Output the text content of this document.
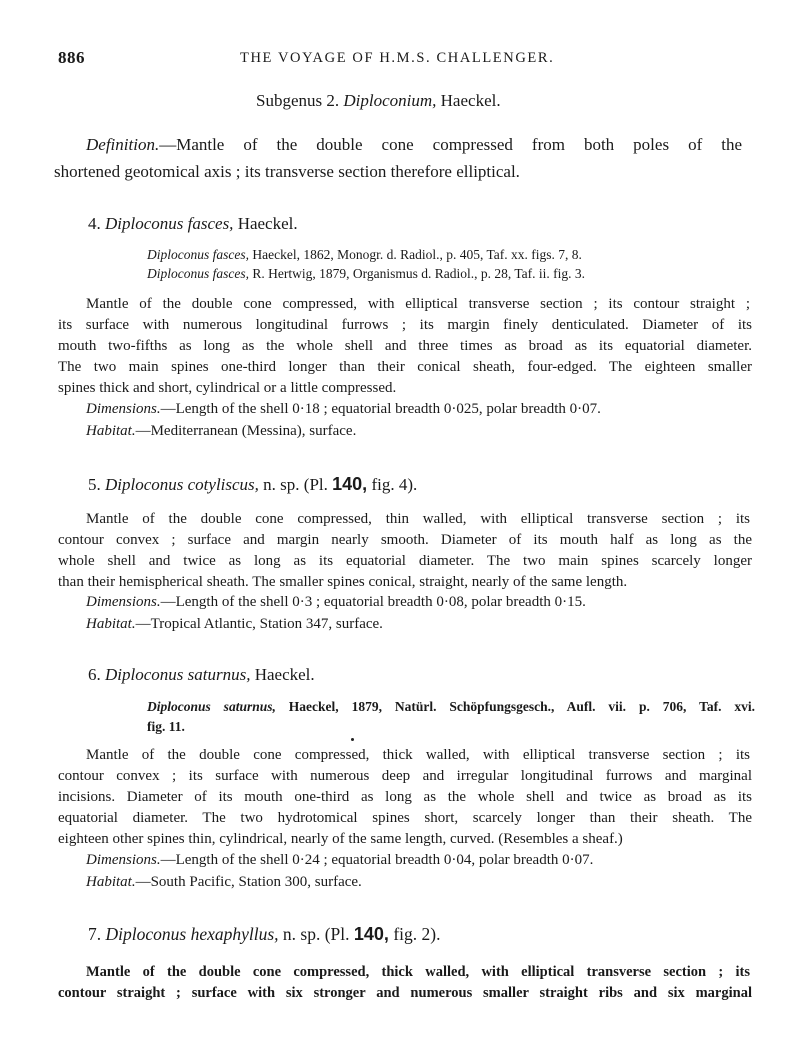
886	THE VOYAGE OF H.M.S. CHALLENGER.
Subgenus 2. Diploconium, Haeckel.
Definition.—Mantle of the double cone compressed from both poles of the
shortened geotomical axis ; its transverse section therefore elliptical.
4. Diploconus fasces, Haeckel.
Diploconus fasces, Haeckel, 1862, Monogr. d. Radiol., p. 405, Taf. xx. figs. 7, 8.
Diploconus fasces, R. Hertwig, 1879, Organismus d. Radiol., p. 28, Taf. ii. fig. 3.
Mantle of the double cone compressed, with elliptical transverse section ; its contour straight ;
its surface with numerous longitudinal furrows ; its margin finely denticulated. Diameter of its
mouth two-fifths as long as the whole shell and three times as broad as its equatorial diameter.
The two main spines one-third longer than their conical sheath, four-edged. The eighteen smaller
spines thick and short, cylindrical or a little compressed.
Dimensions.—Length of the shell 0·18 ; equatorial breadth 0·025, polar breadth 0·07.
Habitat.—Mediterranean (Messina), surface.
5. Diploconus cotyliscus, n. sp. (Pl. 140, fig. 4).
Mantle of the double cone compressed, thin walled, with elliptical transverse section ; its
contour convex ; surface and margin nearly smooth. Diameter of its mouth half as long as the
whole shell and twice as long as its equatorial diameter. The two main spines scarcely longer
than their hemispherical sheath. The smaller spines conical, straight, nearly of the same length.
Dimensions.—Length of the shell 0·3 ; equatorial breadth 0·08, polar breadth 0·15.
Habitat.—Tropical Atlantic, Station 347, surface.
6. Diploconus saturnus, Haeckel.
Diploconus saturnus, Haeckel, 1879, Natürl. Schöpfungsgesch., Aufl. vii. p. 706, Taf. xvi.
fig. 11.
Mantle of the double cone compressed, thick walled, with elliptical transverse section ; its
contour convex ; its surface with numerous deep and irregular longitudinal furrows and marginal
incisions. Diameter of its mouth one-third as long as the whole shell and twice as broad as its
equatorial diameter. The two hydrotomical spines short, scarcely longer than their sheath. The
eighteen other spines thin, cylindrical, nearly of the same length, curved. (Resembles a sheaf.)
Dimensions.—Length of the shell 0·24 ; equatorial breadth 0·04, polar breadth 0·07.
Habitat.—South Pacific, Station 300, surface.
7. Diploconus hexaphyllus, n. sp. (Pl. 140, fig. 2).
Mantle of the double cone compressed, thick walled, with elliptical transverse section ; its
contour straight ; surface with six stronger and numerous smaller straight ribs and six marginal
